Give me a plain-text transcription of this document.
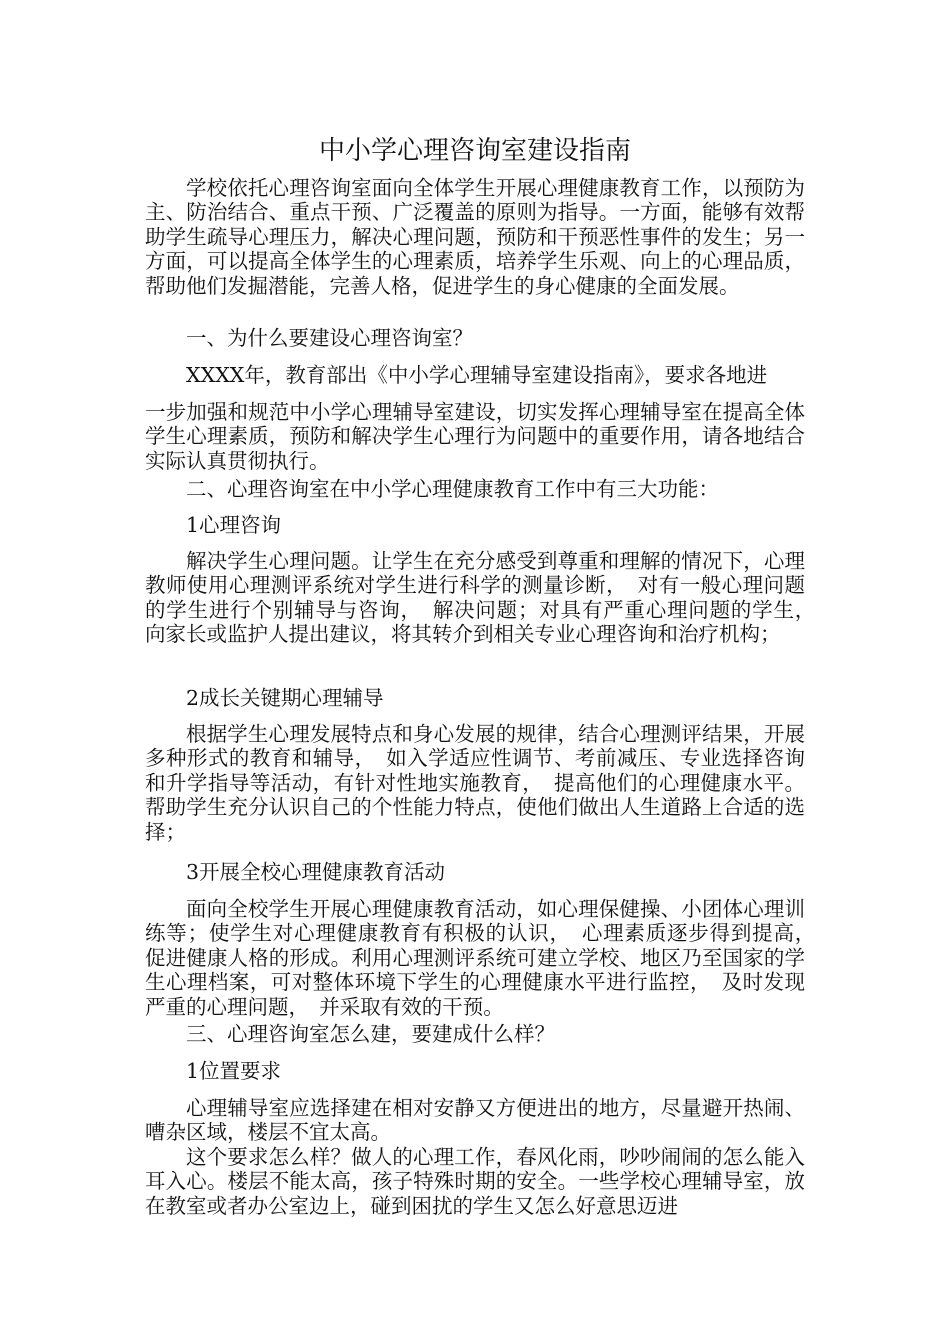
中小学心理咨询室建设指南

学校依托心理咨询室面向全体学生开展心理健康教育工作，以预防为主、防治结合、重点干预、广泛覆盖的原则为指导。一方面，能够有效帮助学生疏导心理压力，解决心理问题，预防和干预恶性事件的发生；另一方面，可以提高全体学生的心理素质，培养学生乐观、向上的心理品质，帮助他们发掘潜能，完善人格，促进学生的身心健康的全面发展。

一、为什么要建设心理咨询室？

XXXX年，教育部出《中小学心理辅导室建设指南》，要求各地进

一步加强和规范中小学心理辅导室建设，切实发挥心理辅导室在提高全体学生心理素质，预防和解决学生心理行为问题中的重要作用，请各地结合实际认真贯彻执行。

二、心理咨询室在中小学心理健康教育工作中有三大功能：

1心理咨询

解决学生心理问题。让学生在充分感受到尊重和理解的情况下，心理教师使用心理测评系统对学生进行科学的测量诊断，　对有一般心理问题的学生进行个别辅导与咨询，　解决问题；对具有严重心理问题的学生，　向家长或监护人提出建议，将其转介到相关专业心理咨询和治疗机构；

2成长关键期心理辅导

根据学生心理发展特点和身心发展的规律，结合心理测评结果，开展多种形式的教育和辅导，　如入学适应性调节、考前减压、专业选择咨询和升学指导等活动，有针对性地实施教育，　提高他们的心理健康水平。帮助学生充分认识自己的个性能力特点，使他们做出人生道路上合适的选择；

3开展全校心理健康教育活动

面向全校学生开展心理健康教育活动，如心理保健操、小团体心理训练等；使学生对心理健康教育有积极的认识，　心理素质逐步得到提高，　促进健康人格的形成。利用心理测评系统可建立学校、地区乃至国家的学生心理档案，可对整体环境下学生的心理健康水平进行监控，　及时发现严重的心理问题，　并采取有效的干预。

三、心理咨询室怎么建，要建成什么样？

1位置要求

心理辅导室应选择建在相对安静又方便进出的地方，尽量避开热闹、嘈杂区域，楼层不宜太高。

这个要求怎么样？做人的心理工作，春风化雨，吵吵闹闹的怎么能入耳入心。楼层不能太高，孩子特殊时期的安全。一些学校心理辅导室，放在教室或者办公室边上，碰到困扰的学生又怎么好意思迈进
